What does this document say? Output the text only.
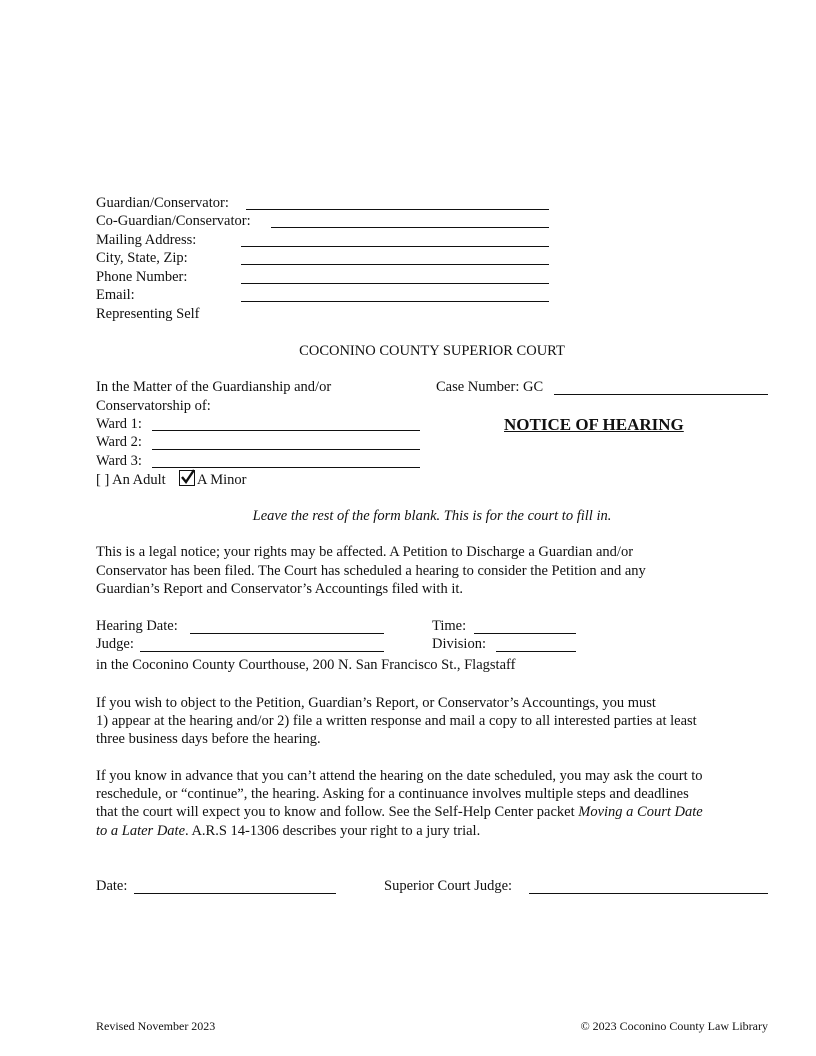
Guardian/Conservator:
Co-Guardian/Conservator:
Mailing Address:
City, State, Zip:
Phone Number:
Email:
Representing Self
COCONINO COUNTY SUPERIOR COURT
In the Matter of the Guardianship and/or
Conservatorship of:
Ward 1:
Ward 2:
Ward 3:
[ ] An Adult A Minor
Case Number: GC
NOTICE OF HEARING
Leave the rest of the form blank. This is for the court to fill in.
This is a legal notice; your rights may be affected. A Petition to Discharge a Guardian and/or
Conservator has been filed. The Court has scheduled a hearing to consider the Petition and any
Guardian’s Report and Conservator’s Accountings filed with it.
Hearing Date:	Time:
Judge:	Division:
in the Coconino County Courthouse, 200 N. San Francisco St., Flagstaff
If you wish to object to the Petition, Guardian’s Report, or Conservator’s Accountings, you must
1) appear at the hearing and/or 2) file a written response and mail a copy to all interested parties at least
three business days before the hearing.
If you know in advance that you can’t attend the hearing on the date scheduled, you may ask the court to
reschedule, or “continue”, the hearing. Asking for a continuance involves multiple steps and deadlines
that the court will expect you to know and follow. See the Self-Help Center packet Moving a Court Date
to a Later Date. A.R.S 14-1306 describes your right to a jury trial.
Date:	Superior Court Judge:
Revised November 2023	© 2023 Coconino County Law Library
